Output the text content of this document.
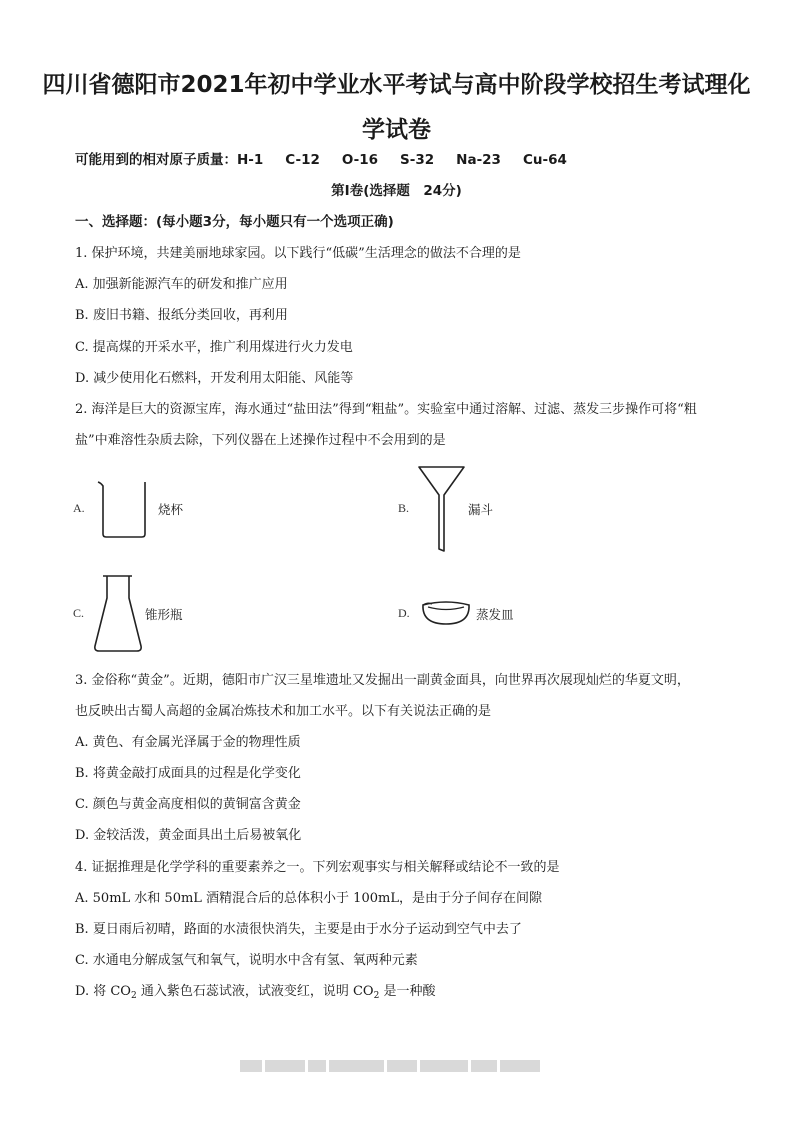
四川省德阳市2021年初中学业水平考试与高中阶段学校招生考试理化
学试卷
可能用到的相对原子质量：H-1 C-12 O-16 S-32 Na-23 Cu-64
第Ⅰ卷(选择题　24分)
一、选择题：(每小题3分，每小题只有一个选项正确)
1. 保护环境，共建美丽地球家园。以下践行“低碳”生活理念的做法不合理的是
A. 加强新能源汽车的研发和推广应用
B. 废旧书籍、报纸分类回收，再利用
C. 提高煤的开采水平，推广利用煤进行火力发电
D. 减少使用化石燃料，开发利用太阳能、风能等
2. 海洋是巨大的资源宝库，海水通过“盐田法”得到“粗盐”。实验室中通过溶解、过滤、蒸发三步操作可将“粗
盐”中难溶性杂质去除，下列仪器在上述操作过程中不会用到的是
A.	烧杯	B.	漏斗
C.	锥形瓶	D.	蒸发皿
3. 金俗称“黄金”。近期，德阳市广汉三星堆遗址又发掘出一副黄金面具，向世界再次展现灿烂的华夏文明，
也反映出古蜀人高超的金属冶炼技术和加工水平。以下有关说法正确的是
A. 黄色、有金属光泽属于金的物理性质
B. 将黄金敲打成面具的过程是化学变化
C. 颜色与黄金高度相似的黄铜富含黄金
D. 金较活泼，黄金面具出土后易被氧化
4. 证据推理是化学学科的重要素养之一。下列宏观事实与相关解释或结论不一致的是
A. 50mL 水和 50mL 酒精混合后的总体积小于 100mL，是由于分子间存在间隙
B. 夏日雨后初晴，路面的水渍很快消失，主要是由于水分子运动到空气中去了
C. 水通电分解成氢气和氧气，说明水中含有氢、氧两种元素
D. 将 $CO_2$ 通入紫色石蕊试液，试液变红，说明 $CO_2$ 是一种酸
